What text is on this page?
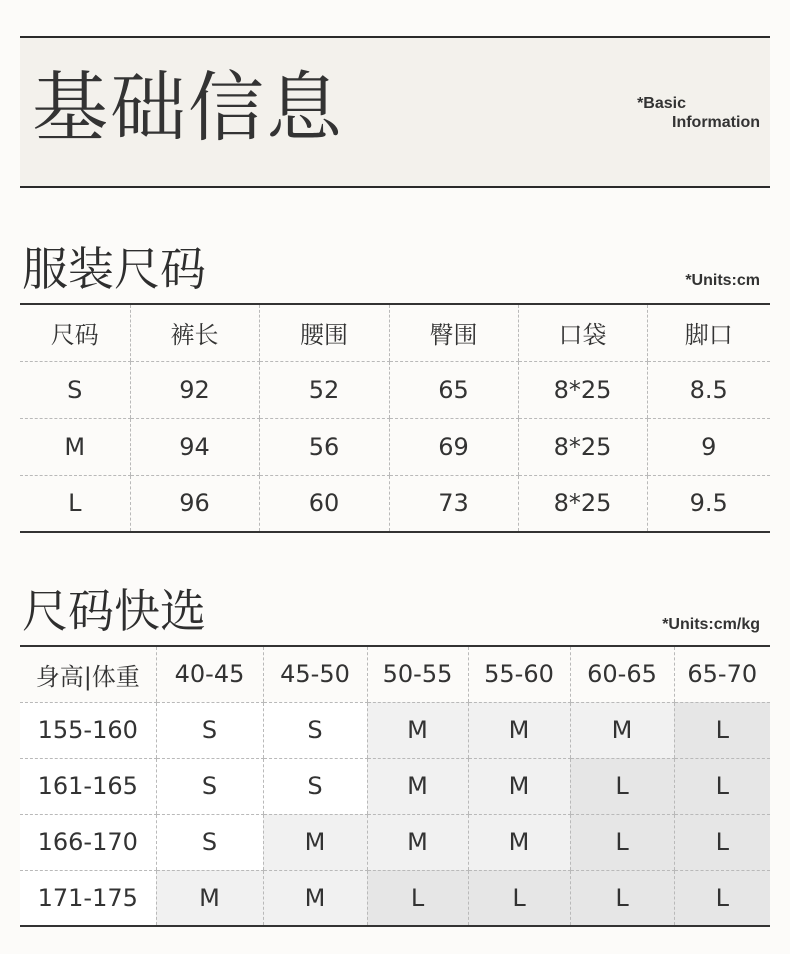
基础信息	*Basic
Information
服装尺码	*Units:cm
尺码	裤长	腰围	臀围	口袋	脚口
S	92	52	65	8*25	8.5
M	94	56	69	8*25	9
L	96	60	73	8*25	9.5
尺码快选	*Units:cm/kg
身高|体重	40-45	45-50	50-55	55-60	60-65	65-70
155-160	S	S	M	M	M	L
161-165	S	S	M	M	L	L
166-170	S	M	M	M	L	L
171-175	M	M	L	L	L	L
